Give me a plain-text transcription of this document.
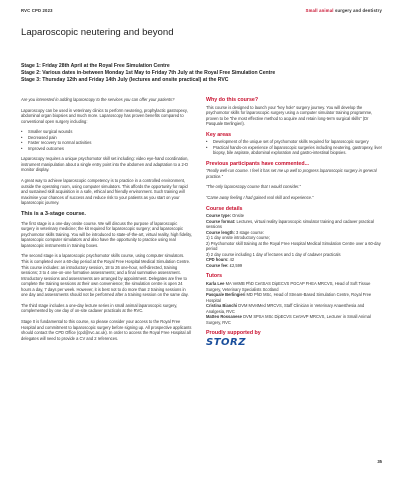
RVC CPD 2023	Small animal surgery and dentistry
Laparoscopic neutering and beyond
Stage 1: Friday 28th April at the Royal Free Simulation Centre
Stage 2: Various dates in-between Monday 1st May to Friday 7th July at the Royal Free Simulation Centre
Stage 3: Thursday 12th and Friday 14th July (lectures and onsite practical) at the RVC

Are you interested in adding laparoscopy to the services you can offer your patients?

Laparoscopy can be used in veterinary clinics to perform neutering, prophylactic gastropexy, abdominal organ biopsies and much more. Laparoscopy has proven benefits compared to conventional open surgery including:

• Smaller surgical wounds
• Decreased pain
• Faster recovery to normal activities
• Improved outcomes

Laparoscopy requires a unique psychomotor skill set including: video eye-hand coordination, instrument manipulation about a single entry point into the abdomen and adaptation to a 2-D monitor display.

A great way to achieve laparoscopic competency is to practice in a controlled environment, outside the operating room, using computer simulators. This affords the opportunity for rapid and sustained skill acquisition in a safe, ethical and friendly environment. Such training will maximise your chances of success and reduce risk to your patients as you start on your laparoscopic journey.

This is a 3-stage course.

The first stage is a one-day onsite course. We will discuss the purpose of laparoscopic surgery in veterinary medicine; the kit required for laparoscopic surgery; and laparoscopic psychomotor skills training. You will be introduced to state-of-the-art, virtual reality, high fidelity, laparoscopic computer simulators and also have the opportunity to practice using real laparoscopic instruments in training boxes.

The second stage is a laparoscopic psychomotor skills course, using computer simulators. This is completed over a 60-day period at the Royal Free Hospital Medical Simulation Centre. This course includes: an introductory session, 18 to 26 one-hour, self-directed, training sessions; 3 to 4 one-on-one formative assessments; and a final summative assessment. Introductory sessions and assessments are arranged by appointment. Delegates are free to complete the training sessions at their own convenience; the simulation centre is open 24 hours a day, 7 days per week. However, it is best not to do more than 2 training sessions in one day and assessments should not be performed after a training session on the same day.

The third stage includes a one-day lecture series in small animal laparoscopic surgery, complemented by one day of on-site cadaver practicals at the RVC.

Stage 0 is fundamental to this course, so please consider your access to the Royal Free Hospital and commitment to laparoscopic surgery before signing up. All prospective applicants should contact the CPD Office (cpd@rvc.ac.uk). In order to access the Royal Free Hospital all delegates will need to provide a CV and 2 references.

Why do this course?

This course is designed to launch your “key hole” surgery journey. You will develop the psychomotor skills for laparoscopic surgery using a computer simulator training programme, proven to be “the most effective method to acquire and retain long-term surgical skills” (Dr Pasquale Berlingieri).

Key areas
• Development of the unique set of psychomotor skills required for laparoscopic surgery
• Practical hands-on experience of laparoscopic surgeries including neutering, gastropexy, liver biopsy, bile aspirate, abdominal exploration and gastro-intestinal biopsies.
Previous participants have commented...

“Really well-run course. I feel it has set me up well to progress laparoscopic surgery in general practice.”

“The only laparoscopy course that I would consider.”

“Came away feeling I had gained real skill and experience.”

Course details
Course type: Onsite
Course format: Lectures, virtual reality laparoscopic simulator training and cadaver practical sessions
Course length: 3 stage course:
1) 1 day onsite introductory course;
2) Psychomotor skill training at the Royal Free Hospital Medical Simulation Centre over a 60-day period
3) 2 day course including 1 day of lectures and 1 day of cadaver practicals
CPD hours: 42
Course fee: £2,599
Tutors
Karla Lee MA VetMB PhD CertSAS DipECVS PGCAP FHEA MRCVS, Head of Soft Tissue Surgery, Veterinary Specialists Scotland
Pasquale Berlingieri MD PhD MSc, Head of Stream-Based Simulation Centre, Royal Free Hospital
Cristina Bianchi DVM MVetMed MRCVS, Staff Clinician in Veterinary Anaesthesia and Analgesia, RVC
Matteo Rossanese DVM SPSA MSc DipECVS CertAVP MRCVS, Lecturer in Small Animal Surgery, RVC
Proudly supported by
STORZ
35
